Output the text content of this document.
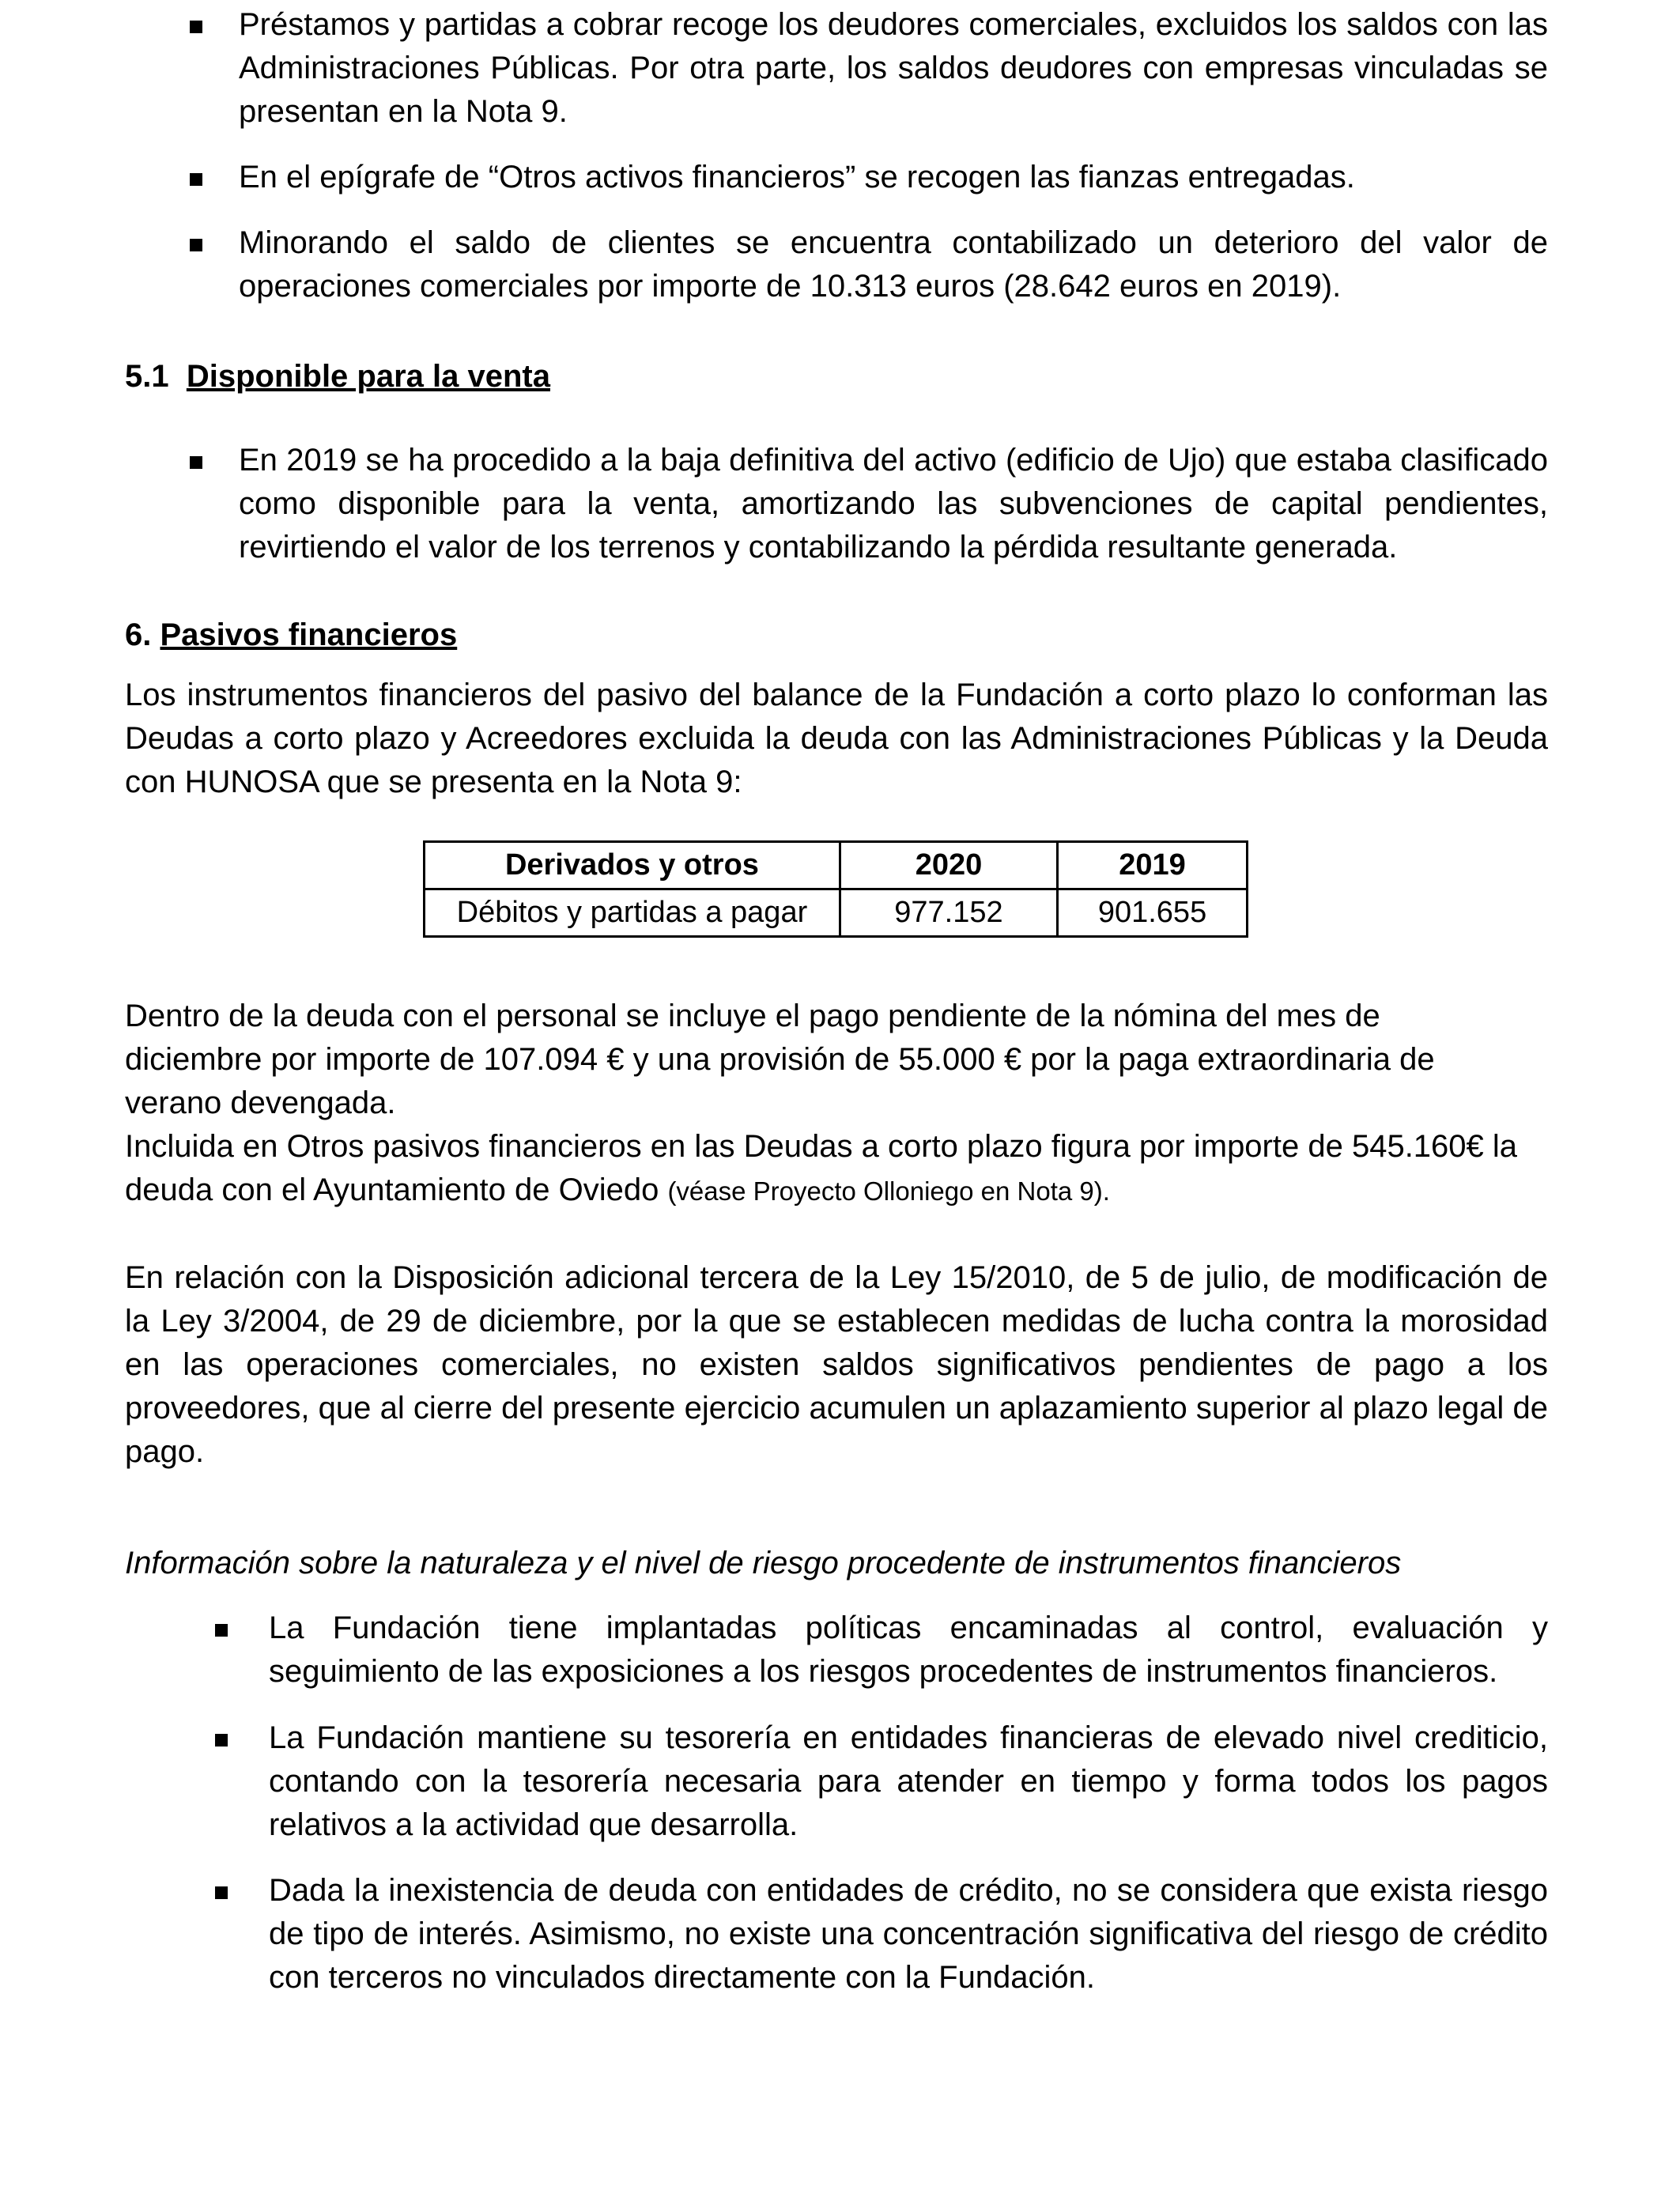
Préstamos y partidas a cobrar recoge los deudores comerciales, excluidos los saldos con las Administraciones Públicas. Por otra parte, los saldos deudores con empresas vinculadas se presentan en la Nota 9.
En el epígrafe de “Otros activos financieros” se recogen las fianzas entregadas.
Minorando el saldo de clientes se encuentra contabilizado un deterioro del valor de operaciones comerciales por importe de 10.313 euros (28.642 euros en 2019).
5.1 Disponible para la venta
En 2019 se ha procedido a la baja definitiva del activo (edificio de Ujo) que estaba clasificado como disponible para la venta, amortizando las subvenciones de capital pendientes, revirtiendo el valor de los terrenos y contabilizando la pérdida resultante generada.
6. Pasivos financieros
Los instrumentos financieros del pasivo del balance de la Fundación a corto plazo lo conforman las Deudas a corto plazo y Acreedores excluida la deuda con las Administraciones Públicas y la Deuda con HUNOSA que se presenta en la Nota 9:
Derivados y otros	2020	2019
Débitos y partidas a pagar	977.152	901.655
Dentro de la deuda con el personal se incluye el pago pendiente de la nómina del mes de diciembre por importe de 107.094 € y una provisión de 55.000 € por la paga extraordinaria de verano devengada.
Incluida en Otros pasivos financieros en las Deudas a corto plazo figura por importe de 545.160€ la deuda con el Ayuntamiento de Oviedo (véase Proyecto Olloniego en Nota 9).
En relación con la Disposición adicional tercera de la Ley 15/2010, de 5 de julio, de modificación de la Ley 3/2004, de 29 de diciembre, por la que se establecen medidas de lucha contra la morosidad en las operaciones comerciales, no existen saldos significativos pendientes de pago a los proveedores, que al cierre del presente ejercicio acumulen un aplazamiento superior al plazo legal de pago.
Información sobre la naturaleza y el nivel de riesgo procedente de instrumentos financieros
La Fundación tiene implantadas políticas encaminadas al control, evaluación y seguimiento de las exposiciones a los riesgos procedentes de instrumentos financieros.
La Fundación mantiene su tesorería en entidades financieras de elevado nivel crediticio, contando con la tesorería necesaria para atender en tiempo y forma todos los pagos relativos a la actividad que desarrolla.
Dada la inexistencia de deuda con entidades de crédito, no se considera que exista riesgo de tipo de interés. Asimismo, no existe una concentración significativa del riesgo de crédito con terceros no vinculados directamente con la Fundación.
